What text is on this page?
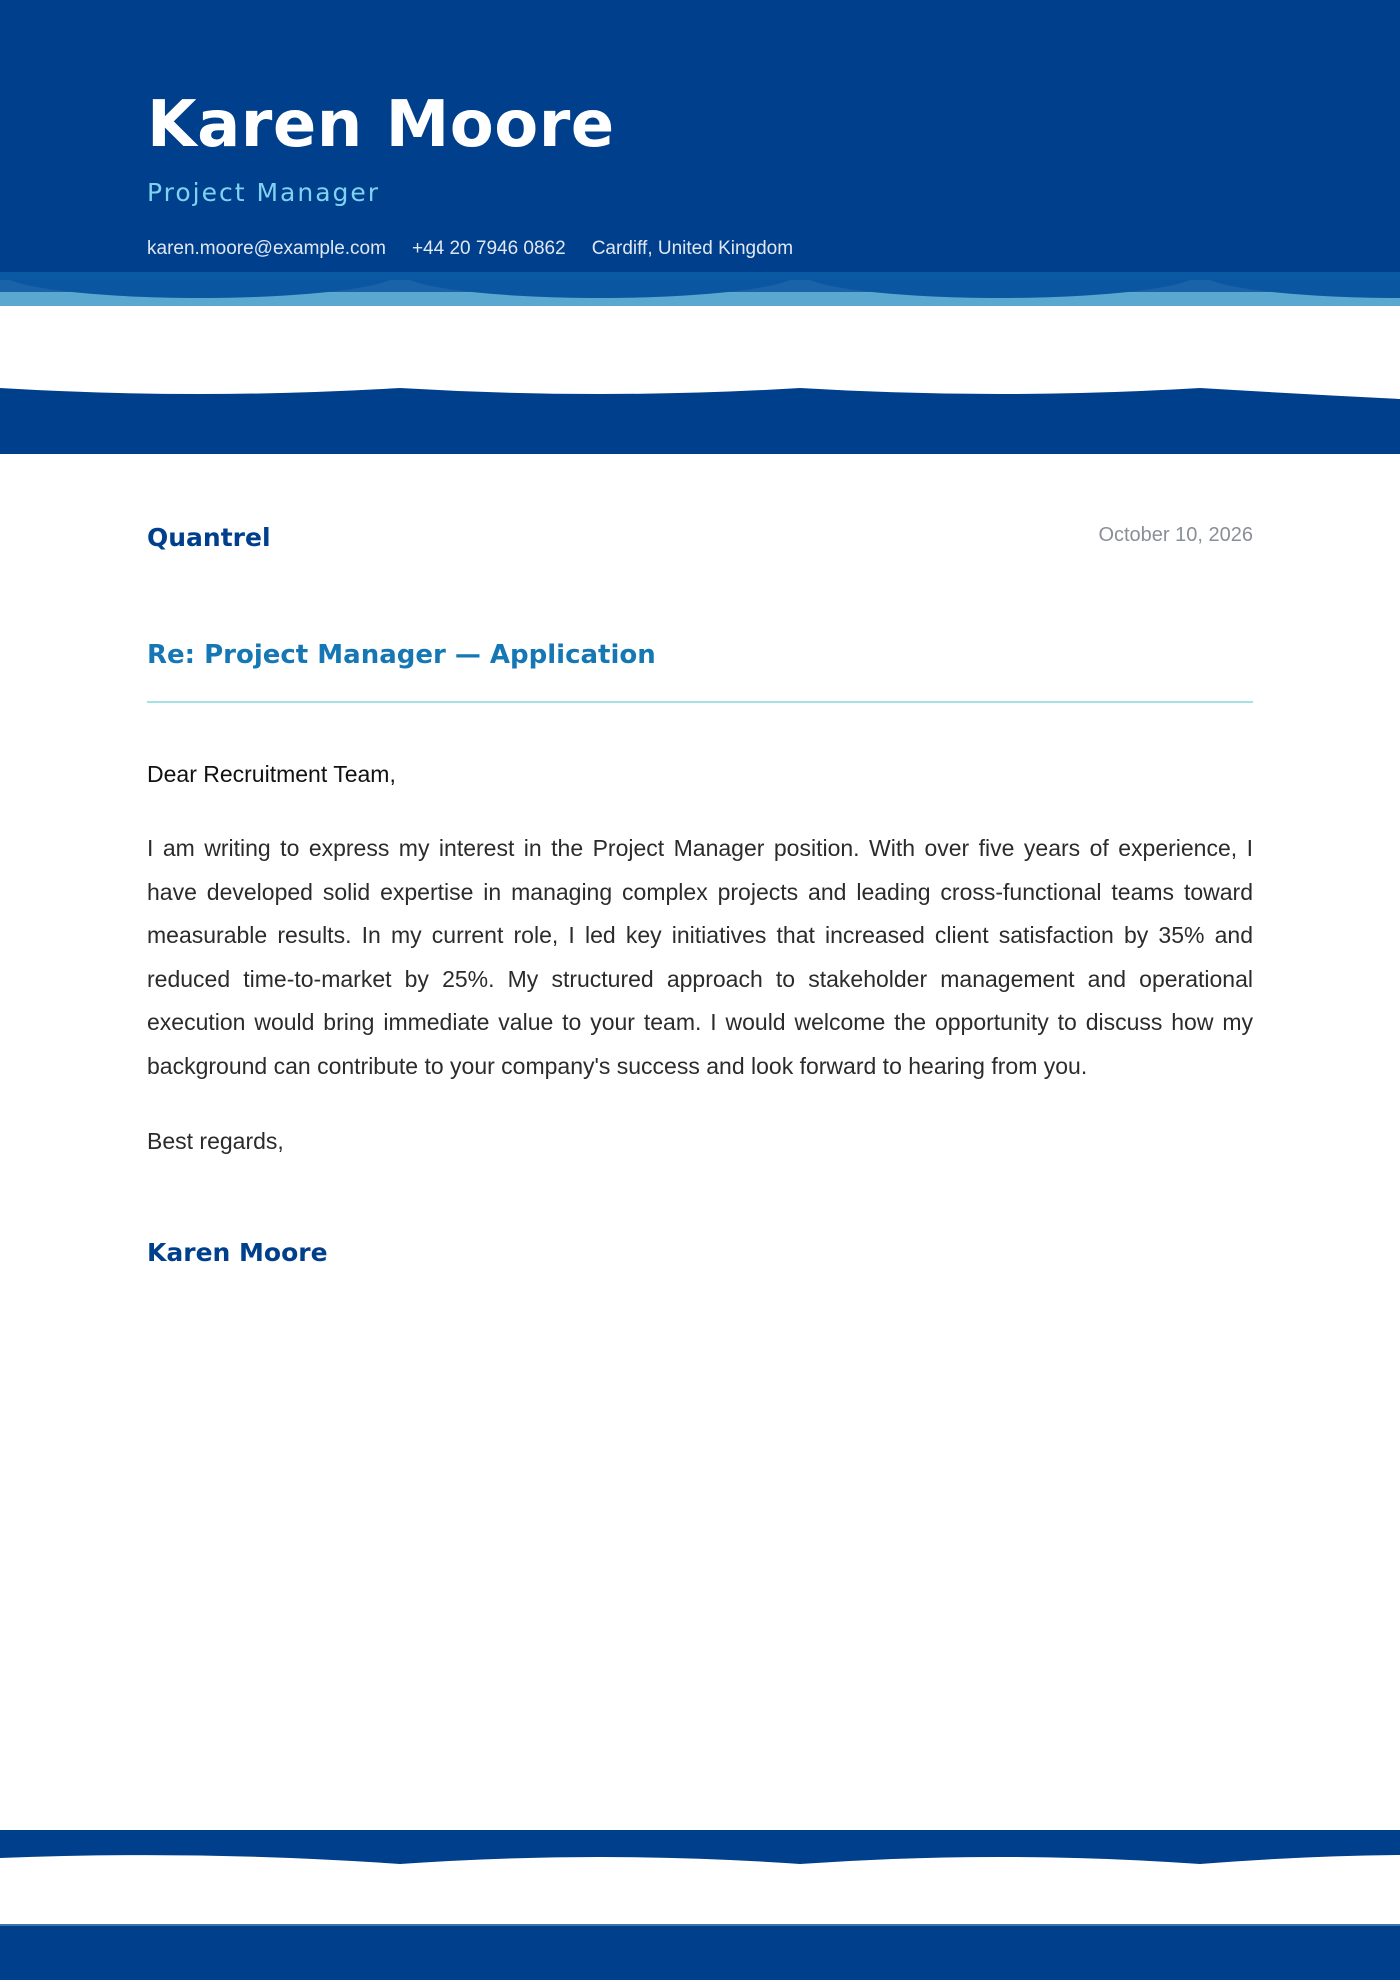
Karen Moore
Project Manager
karen.moore@example.com +44 20 7946 0862 Cardiff, United Kingdom
Quantrel	October 10, 2026
Re: Project Manager — Application

Dear Recruitment Team,

I am writing to express my interest in the Project Manager position. With over five years of experience, I have developed solid expertise in managing complex projects and leading cross-functional teams toward measurable results. In my current role, I led key initiatives that increased client satisfaction by 35% and reduced time-to-market by 25%. My structured approach to stakeholder management and operational execution would bring immediate value to your team. I would welcome the opportunity to discuss how my background can contribute to your company's success and look forward to hearing from you.

Best regards,

Karen Moore
